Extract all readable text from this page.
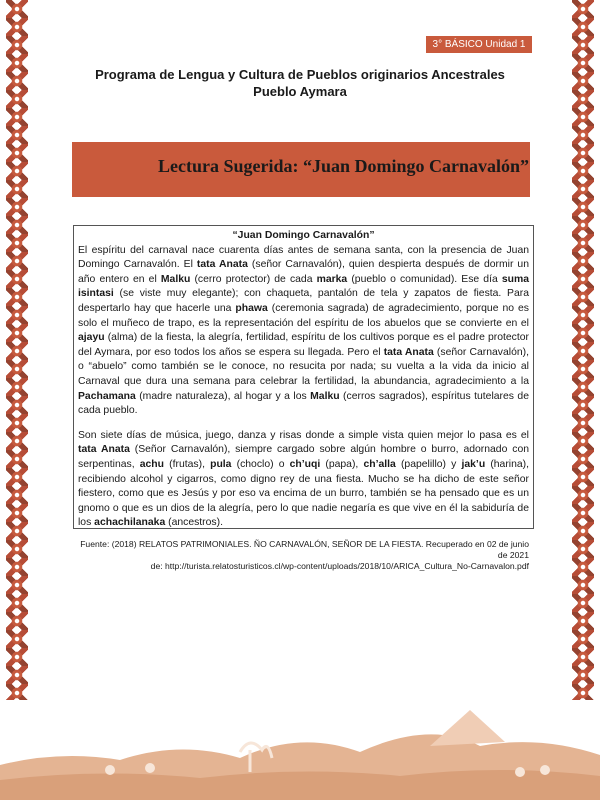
3° BÁSICO Unidad 1
Programa de Lengua y Cultura de Pueblos originarios Ancestrales
Pueblo Aymara
Lectura Sugerida: “Juan Domingo Carnavalón”
“Juan Domingo Carnavalón”

El espíritu del carnaval nace cuarenta días antes de semana santa, con la presencia de Juan Domingo Carnavalón. El tata Anata (señor Carnavalón), quien despierta después de dormir un año entero en el Malku (cerro protector) de cada marka (pueblo o comunidad). Ese día suma isintasi (se viste muy elegante); con chaqueta, pantalón de tela y zapatos de fiesta. Para despertarlo hay que hacerle una phawa (ceremonia sagrada) de agradecimiento, porque no es solo el muñeco de trapo, es la representación del espíritu de los abuelos que se convierte en el ajayu (alma) de la fiesta, la alegría, fertilidad, espíritu de los cultivos porque es el padre protector del Aymara, por eso todos los años se espera su llegada. Pero el tata Anata (señor Carnavalón), o “abuelo” como también se le conoce, no resucita por nada; su vuelta a la vida da inicio al Carnaval que dura una semana para celebrar la fertilidad, la abundancia, agradecimiento a la Pachamana (madre naturaleza), al hogar y a los Malku (cerros sagrados), espíritus tutelares de cada pueblo.

Son siete días de música, juego, danza y risas donde a simple vista quien mejor lo pasa es el tata Anata (Señor Carnavalón), siempre cargado sobre algún hombre o burro, adornado con serpentinas, achu (frutas), pula (choclo) o ch’uqi (papa), ch’alla (papelillo) y jak’u (harina), recibiendo alcohol y cigarros, como digno rey de una fiesta. Mucho se ha dicho de este señor fiestero, como que es Jesús y por eso va encima de un burro, también se ha pensado que es un gnomo o que es un dios de la alegría, pero lo que nadie negaría es que vive en él la sabiduría de los achachilanaka (ancestros).

Fuente: (2018) RELATOS PATRIMONIALES. ÑO CARNAVALÓN, SEÑOR DE LA FIESTA. Recuperado en 02 de junio de 2021
de: http://turista.relatosturisticos.cl/wp-content/uploads/2018/10/ARICA_Cultura_No-Carnavalon.pdf
